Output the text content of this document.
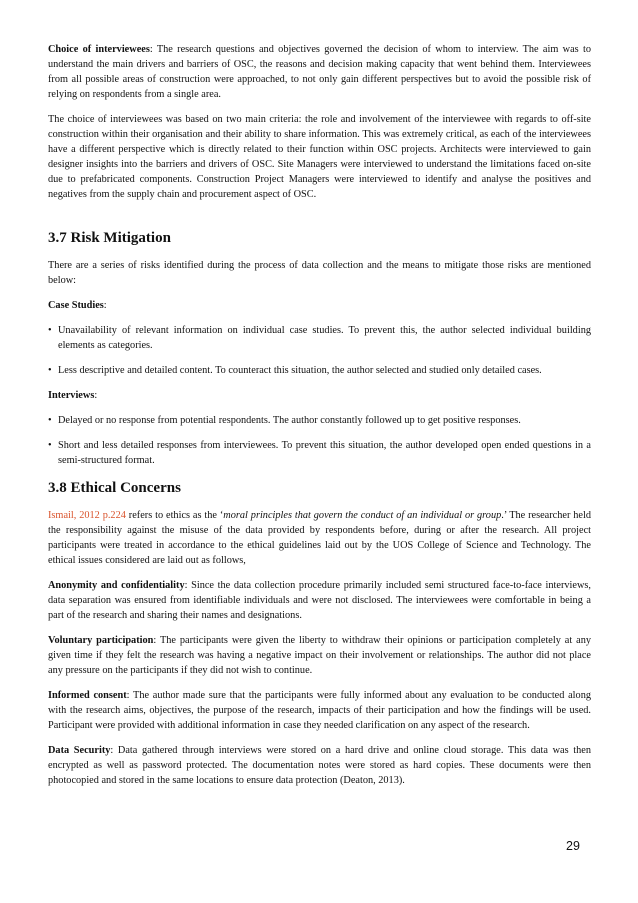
Choice of interviewees: The research questions and objectives governed the decision of whom to interview. The aim was to understand the main drivers and barriers of OSC, the reasons and decision making capacity that went behind them. Interviewees from all possible areas of construction were approached, to not only gain different perspectives but to avoid the possible risk of relying on respondents from a single area.

The choice of interviewees was based on two main criteria: the role and involvement of the interviewee with regards to off-site construction within their organisation and their ability to share information. This was extremely critical, as each of the interviewees have a different perspective which is directly related to their function within OSC projects. Architects were interviewed to gain designer insights into the barriers and drivers of OSC. Site Managers were interviewed to understand the limitations faced on-site due to prefabricated components. Construction Project Managers were interviewed to identify and analyse the positives and negatives from the supply chain and procurement aspect of OSC.

3.7 Risk Mitigation

There are a series of risks identified during the process of data collection and the means to mitigate those risks are mentioned below:

Case Studies:

• Unavailability of relevant information on individual case studies. To prevent this, the author selected individual building elements as categories.
• Less descriptive and detailed content. To counteract this situation, the author selected and studied only detailed cases.

Interviews:

• Delayed or no response from potential respondents. The author constantly followed up to get positive responses.
• Short and less detailed responses from interviewees. To prevent this situation, the author developed open ended questions in a semi-structured format.
3.8 Ethical Concerns

Ismail, 2012 p.224 refers to ethics as the ‘moral principles that govern the conduct of an individual or group.’ The researcher held the responsibility against the misuse of the data provided by respondents before, during or after the research. All project participants were treated in accordance to the ethical guidelines laid out by the UOS College of Science and Technology. The ethical issues considered are laid out as follows,

Anonymity and confidentiality: Since the data collection procedure primarily included semi structured face-to-face interviews, data separation was ensured from identifiable individuals and were not disclosed. The interviewees were comfortable in being a part of the research and sharing their names and designations.

Voluntary participation: The participants were given the liberty to withdraw their opinions or participation completely at any given time if they felt the research was having a negative impact on their involvement or relationships. The author did not place any pressure on the participants if they did not wish to continue.

Informed consent: The author made sure that the participants were fully informed about any evaluation to be conducted along with the research aims, objectives, the purpose of the research, impacts of their participation and how the findings will be used. Participant were provided with additional information in case they needed clarification on any aspect of the research.

Data Security: Data gathered through interviews were stored on a hard drive and online cloud storage. This data was then encrypted as well as password protected. The documentation notes were stored as hard copies. These documents were then photocopied and stored in the same locations to ensure data protection (Deaton, 2013).

29
